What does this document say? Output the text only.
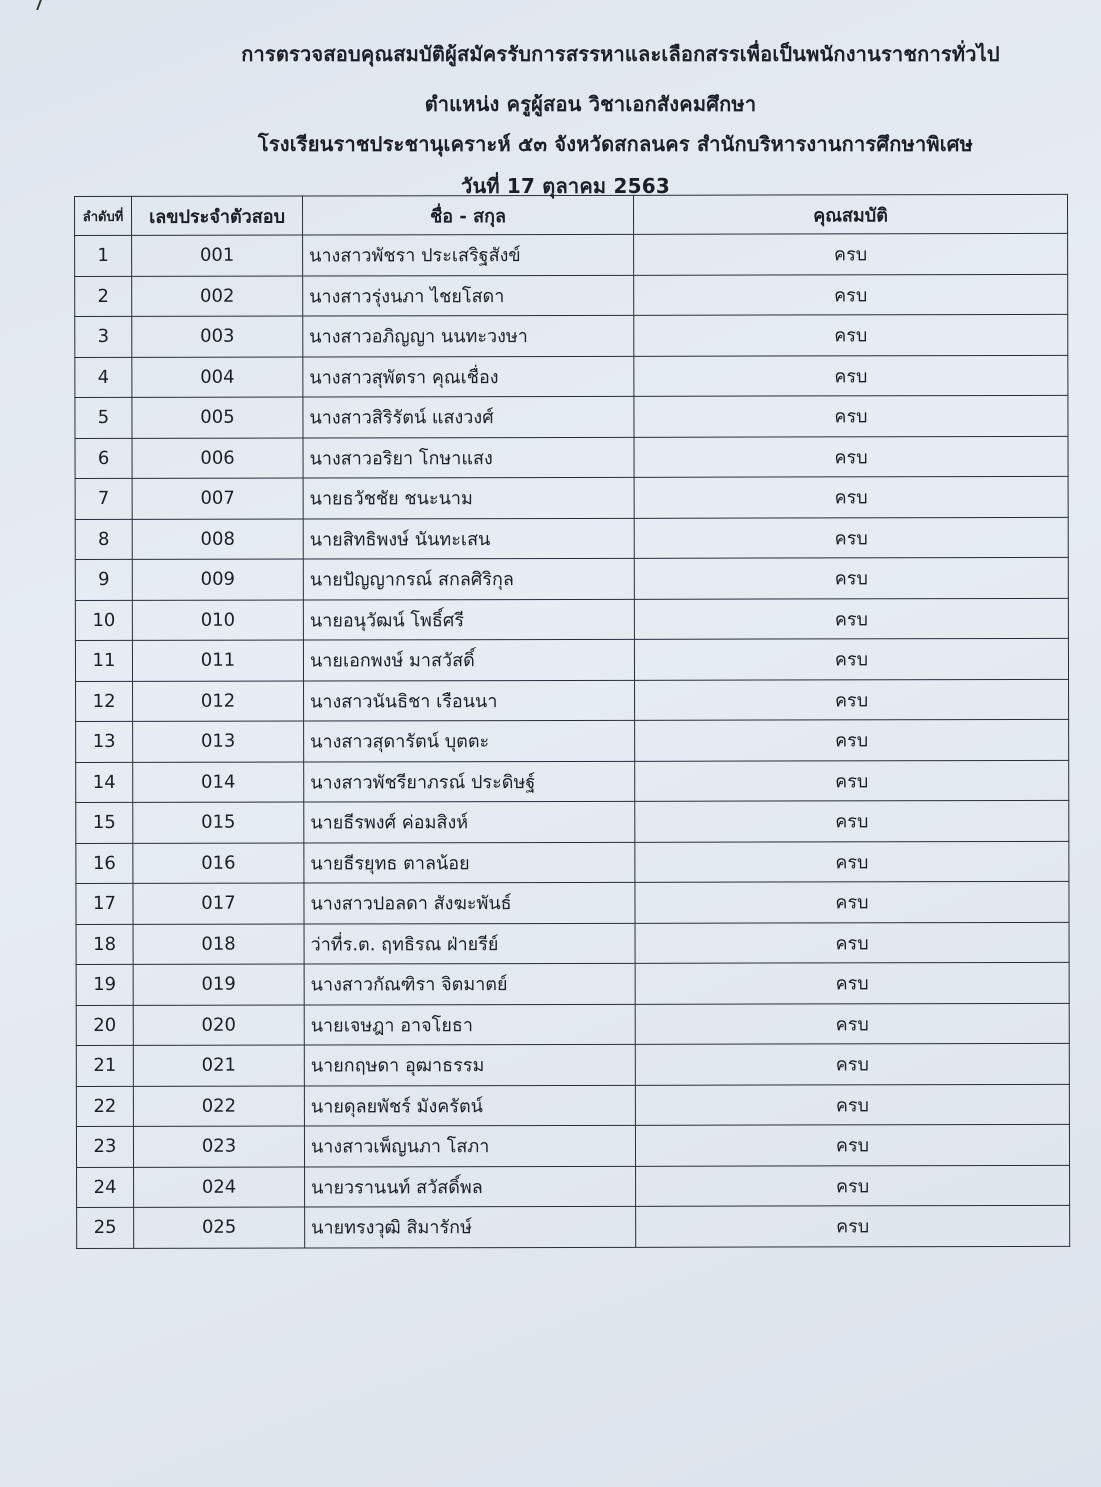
การตรวจสอบคุณสมบัติผู้สมัครรับการสรรหาและเลือกสรรเพื่อเป็นพนักงานราชการทั่วไป
ตำแหน่ง ครูผู้สอน วิชาเอกสังคมศึกษา
โรงเรียนราชประชานุเคราะห์ ๕๓ จังหวัดสกลนคร สำนักบริหารงานการศึกษาพิเศษ
วันที่ 17 ตุลาคม 2563
ลำดับที่	เลขประจำตัวสอบ	ชื่อ - สกุล	คุณสมบัติ
1	001	นางสาวพัชรา ประเสริฐสังข์	ครบ
2	002	นางสาวรุ่งนภา ไชยโสดา	ครบ
3	003	นางสาวอภิญญา นนทะวงษา	ครบ
4	004	นางสาวสุพัตรา คุณเชื่อง	ครบ
5	005	นางสาวสิริรัตน์ แสงวงศ์	ครบ
6	006	นางสาวอริยา โกษาแสง	ครบ
7	007	นายธวัชชัย ชนะนาม	ครบ
8	008	นายสิทธิพงษ์ นันทะเสน	ครบ
9	009	นายปัญญากรณ์ สกลศิริกุล	ครบ
10	010	นายอนุวัฒน์ โพธิ์ศรี	ครบ
11	011	นายเอกพงษ์ มาสวัสดิ์	ครบ
12	012	นางสาวนันธิชา เรือนนา	ครบ
13	013	นางสาวสุดารัตน์ บุตตะ	ครบ
14	014	นางสาวพัชรียาภรณ์ ประดิษฐ์	ครบ
15	015	นายธีรพงศ์ ค่อมสิงห์	ครบ
16	016	นายธีรยุทธ ตาลน้อย	ครบ
17	017	นางสาวปอลดา สังฆะพันธ์	ครบ
18	018	ว่าที่ร.ต. ฤทธิรณ ฝ่ายรีย์	ครบ
19	019	นางสาวกัณฑิรา จิตมาตย์	ครบ
20	020	นายเจษฎา อาจโยธา	ครบ
21	021	นายกฤษดา อุฒาธรรม	ครบ
22	022	นายดุลยพัชร์ มังครัตน์	ครบ
23	023	นางสาวเพ็ญนภา โสภา	ครบ
24	024	นายวรานนท์ สวัสดิ์พล	ครบ
25	025	นายทรงวุฒิ สิมารักษ์	ครบ
